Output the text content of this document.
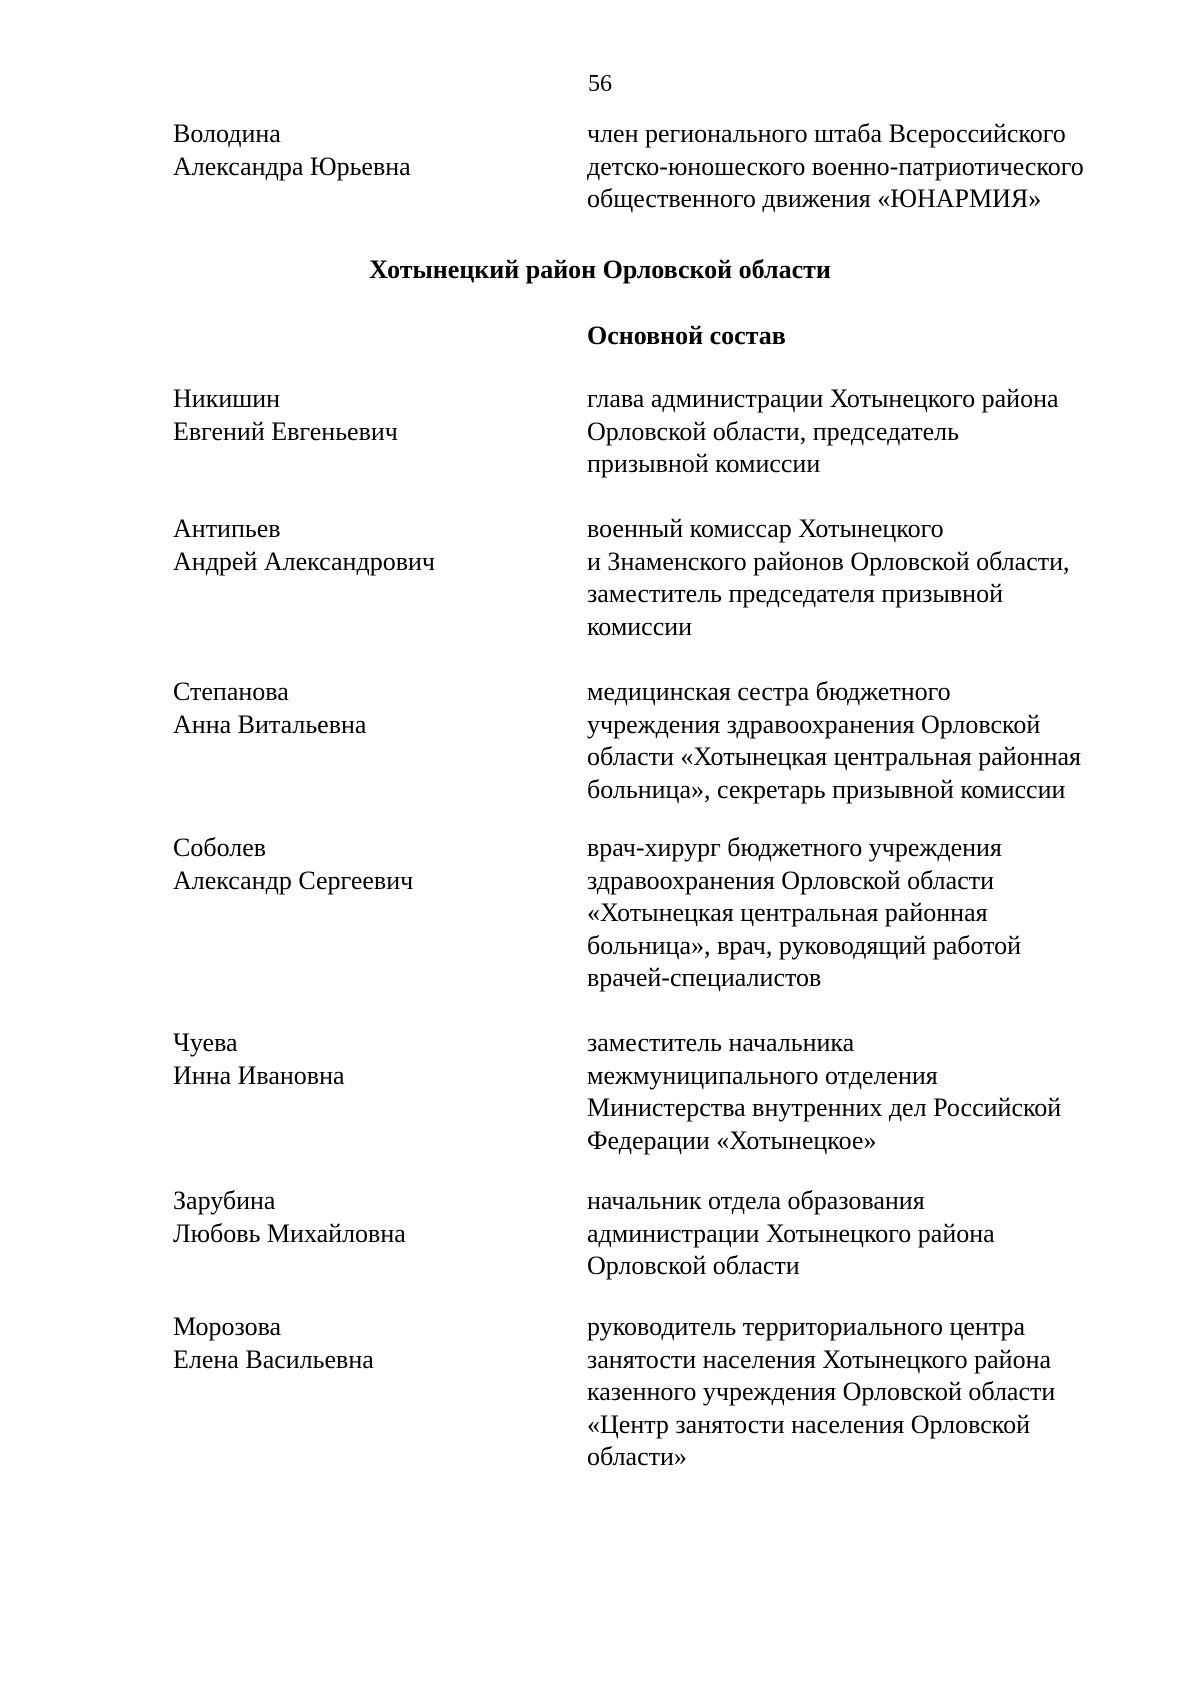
56
Володина
Александра Юрьевна
член регионального штаба Всероссийского
детско-юношеского военно-патриотического
общественного движения «ЮНАРМИЯ»
Хотынецкий район Орловской области
Основной состав
Никишин
Евгений Евгеньевич
глава администрации Хотынецкого района
Орловской области, председатель
призывной комиссии
Антипьев
Андрей Александрович
военный комиссар Хотынецкого
и Знаменского районов Орловской области,
заместитель председателя призывной
комиссии
Степанова
Анна Витальевна
медицинская сестра бюджетного
учреждения здравоохранения Орловской
области «Хотынецкая центральная районная
больница», секретарь призывной комиссии
Соболев
Александр Сергеевич
врач-хирург бюджетного учреждения
здравоохранения Орловской области
«Хотынецкая центральная районная
больница», врач, руководящий работой
врачей-специалистов
Чуева
Инна Ивановна
заместитель начальника
межмуниципального отделения
Министерства внутренних дел Российской
Федерации «Хотынецкое»
Зарубина
Любовь Михайловна
начальник отдела образования
администрации Хотынецкого района
Орловской области
Морозова
Елена Васильевна
руководитель территориального центра
занятости населения Хотынецкого района
казенного учреждения Орловской области
«Центр занятости населения Орловской
области»
